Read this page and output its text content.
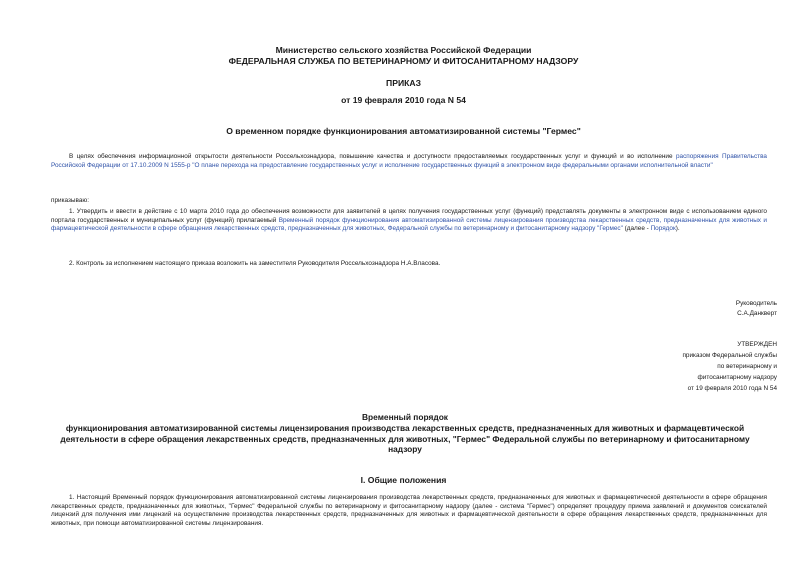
Министерство сельского хозяйства Российской Федерации
ФЕДЕРАЛЬНАЯ СЛУЖБА ПО ВЕТЕРИНАРНОМУ И ФИТОСАНИТАРНОМУ НАДЗОРУ
ПРИКАЗ
от 19 февраля 2010 года N 54
О временном порядке функционирования автоматизированной системы "Гермес"
В целях обеспечения информационной открытости деятельности Россельхознадзора, повышение качества и доступности предоставляемых государственных услуг и функций и во исполнение распоряжения Правительства Российской Федерации от 17.10.2009 N 1555-р "О плане перехода на предоставление государственных услуг и исполнение государственных функций в электронном виде федеральными органами исполнительной власти"
приказываю:
1. Утвердить и ввести в действие с 10 марта 2010 года до обеспечения возможности для заявителей в целях получения государственных услуг (функций) представлять документы в электронном виде с использованием единого портала государственных и муниципальных услуг (функций) прилагаемый Временный порядок функционирования автоматизированной системы лицензирования производства лекарственных средств, предназначенных для животных и фармацевтической деятельности в сфере обращения лекарственных средств, предназначенных для животных, Федеральной службы по ветеринарному и фитосанитарному надзору "Гермес" (далее - Порядок).
2. Контроль за исполнением настоящего приказа возложить на заместителя Руководителя Россельхознадзора Н.А.Власова.
Руководитель
С.А.Данкверт
УТВЕРЖДЕН
приказом Федеральной службы
по ветеринарному и
фитосанитарному надзору
от 19 февраля 2010 года N 54
Временный порядок
функционирования автоматизированной системы лицензирования производства лекарственных средств, предназначенных для животных и фармацевтической деятельности в сфере обращения лекарственных средств, предназначенных для животных, "Гермес" Федеральной службы по ветеринарному и фитосанитарному надзору
I. Общие положения
1. Настоящий Временный порядок функционирования автоматизированной системы лицензирования производства лекарственных средств, предназначенных для животных и фармацевтической деятельности в сфере обращения лекарственных средств, предназначенных для животных, "Гермес" Федеральной службы по ветеринарному и фитосанитарному надзору (далее - система "Гермес") определяет процедуру приема заявлений и документов соискателей лицензий для получения ими лицензий на осуществление производства лекарственных средств, предназначенных для животных и фармацевтической деятельности в сфере обращения лекарственных средств, предназначенных для животных, при помощи автоматизированной системы лицензирования.
